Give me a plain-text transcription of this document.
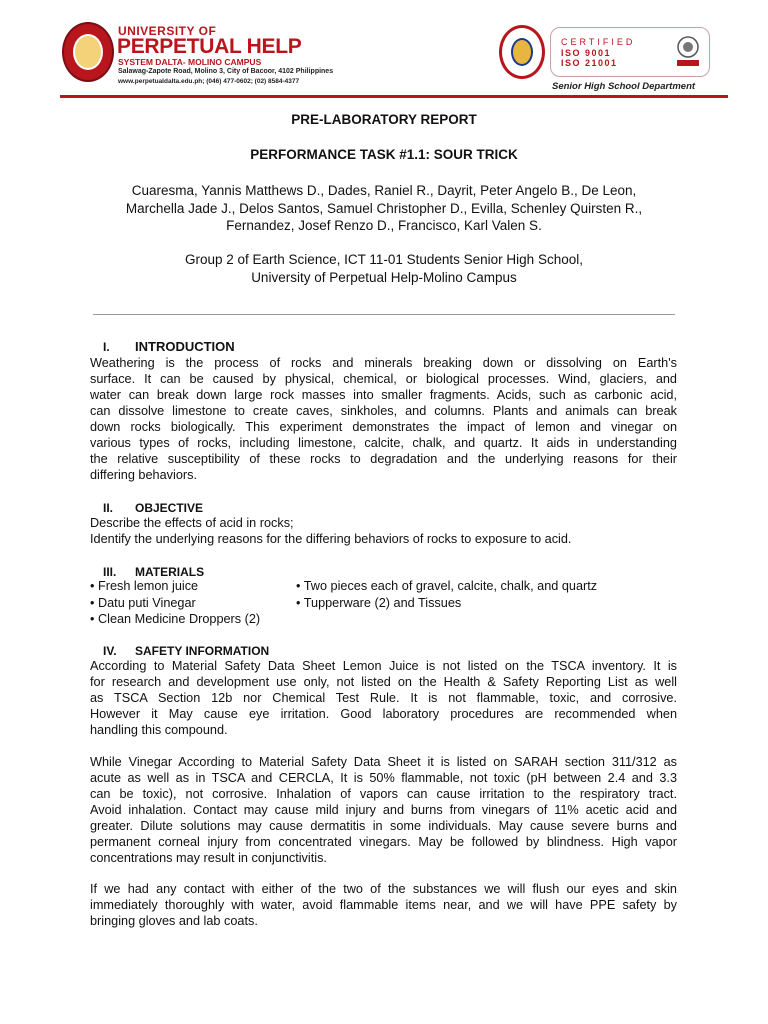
UNIVERSITY OF
PERPETUAL HELP
SYSTEM DALTA- MOLINO CAMPUS
Salawag-Zapote Road, Molino 3, City of Bacoor, 4102 Philippines
www.perpetualdalta.edu.ph; (046) 477-0602; (02) 8584-4377
CERTIFIED
ISO 9001
ISO 21001
Senior High School Department
PRE-LABORATORY REPORT
PERFORMANCE TASK #1.1: SOUR TRICK
Cuaresma, Yannis Matthews D., Dades, Raniel R., Dayrit, Peter Angelo B., De Leon,
Marchella Jade J., Delos Santos, Samuel Christopher D., Evilla, Schenley Quirsten R.,
Fernandez, Josef Renzo D., Francisco, Karl Valen S.
Group 2 of Earth Science, ICT 11-01 Students Senior High School,
University of Perpetual Help-Molino Campus
I. INTRODUCTION
Weathering is the process of rocks and minerals breaking down or dissolving on Earth's
surface. It can be caused by physical, chemical, or biological processes. Wind, glaciers, and
water can break down large rock masses into smaller fragments. Acids, such as carbonic acid,
can dissolve limestone to create caves, sinkholes, and columns. Plants and animals can break
down rocks biologically. This experiment demonstrates the impact of lemon and vinegar on
various types of rocks, including limestone, calcite, chalk, and quartz. It aids in understanding
the relative susceptibility of these rocks to degradation and the underlying reasons for their
differing behaviors.
II. OBJECTIVE
Describe the effects of acid in rocks;
Identify the underlying reasons for the differing behaviors of rocks to exposure to acid.
III. MATERIALS
• Fresh lemon juice
• Datu puti Vinegar
• Clean Medicine Droppers (2)
• Two pieces each of gravel, calcite, chalk, and quartz
• Tupperware (2) and Tissues
IV. SAFETY INFORMATION
According to Material Safety Data Sheet Lemon Juice is not listed on the TSCA inventory. It is
for research and development use only, not listed on the Health & Safety Reporting List as well
as TSCA Section 12b nor Chemical Test Rule. It is not flammable, toxic, and corrosive.
However it May cause eye irritation. Good laboratory procedures are recommended when
handling this compound.
While Vinegar According to Material Safety Data Sheet it is listed on SARAH section 311/312 as
acute as well as in TSCA and CERCLA, It is 50% flammable, not toxic (pH between 2.4 and 3.3
can be toxic), not corrosive. Inhalation of vapors can cause irritation to the respiratory tract.
Avoid inhalation. Contact may cause mild injury and burns from vinegars of 11% acetic acid and
greater. Dilute solutions may cause dermatitis in some individuals. May cause severe burns and
permanent corneal injury from concentrated vinegars. May be followed by blindness. High vapor
concentrations may result in conjunctivitis.
If we had any contact with either of the two of the substances we will flush our eyes and skin
immediately thoroughly with water, avoid flammable items near, and we will have PPE safety by
bringing gloves and lab coats.
